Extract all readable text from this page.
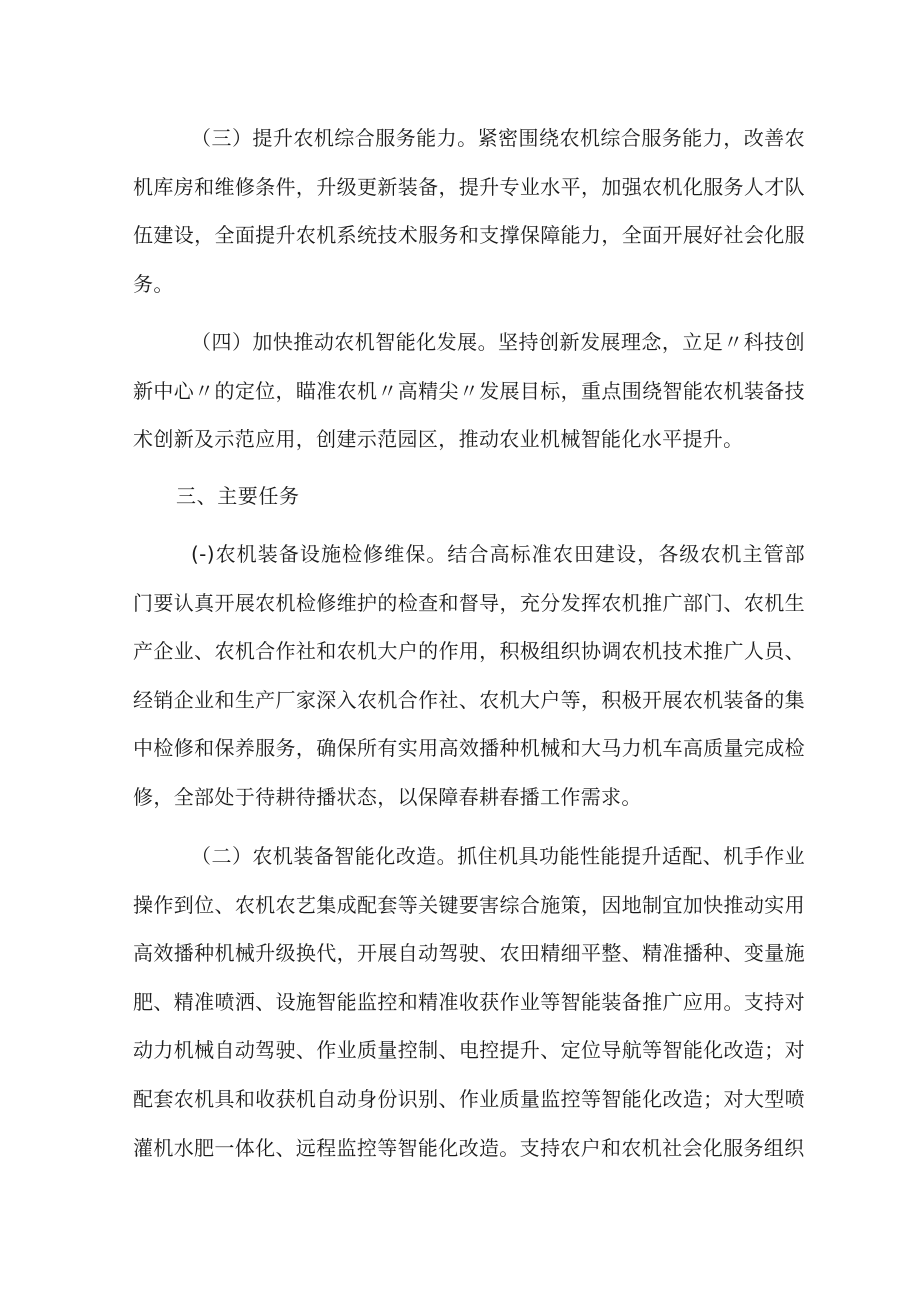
（三）提升农机综合服务能力。紧密围绕农机综合服务能力，改善农机库房和维修条件，升级更新装备，提升专业水平，加强农机化服务人才队伍建设，全面提升农机系统技术服务和支撑保障能力，全面开展好社会化服务。

（四）加快推动农机智能化发展。坚持创新发展理念，立足〃科技创新中心〃的定位，瞄准农机〃高精尖〃发展目标，重点围绕智能农机装备技术创新及示范应用，创建示范园区，推动农业机械智能化水平提升。

三、主要任务

(-)农机装备设施检修维保。结合高标准农田建设，各级农机主管部门要认真开展农机检修维护的检查和督导，充分发挥农机推广部门、农机生产企业、农机合作社和农机大户的作用，积极组织协调农机技术推广人员、经销企业和生产厂家深入农机合作社、农机大户等，积极开展农机装备的集中检修和保养服务，确保所有实用高效播种机械和大马力机车高质量完成检修，全部处于待耕待播状态，以保障春耕春播工作需求。

（二）农机装备智能化改造。抓住机具功能性能提升适配、机手作业操作到位、农机农艺集成配套等关键要害综合施策，因地制宜加快推动实用高效播种机械升级换代，开展自动驾驶、农田精细平整、精准播种、变量施肥、精准喷洒、设施智能监控和精准收获作业等智能装备推广应用。支持对动力机械自动驾驶、作业质量控制、电控提升、定位导航等智能化改造；对配套农机具和收获机自动身份识别、作业质量监控等智能化改造；对大型喷灌机水肥一体化、远程监控等智能化改造。支持农户和农机社会化服务组织
